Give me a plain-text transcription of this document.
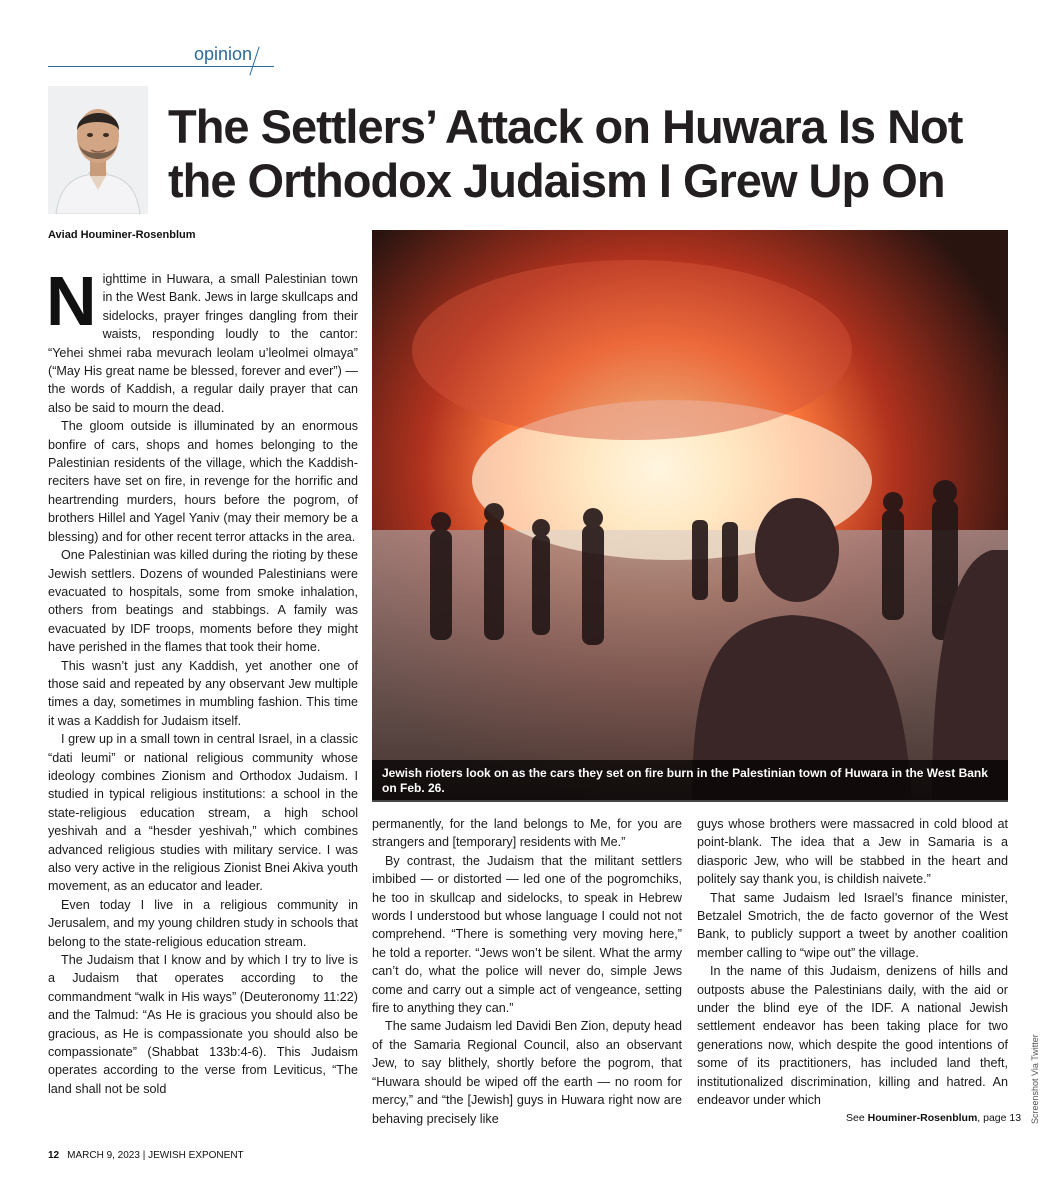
opinion
The Settlers’ Attack on Huwara Is Not the Orthodox Judaism I Grew Up On
Aviad Houminer-Rosenblum

Nighttime in Huwara, a small Palestinian town in the West Bank. Jews in large skullcaps and sidelocks, prayer fringes dangling from their waists, responding loudly to the cantor: “Yehei shmei raba mevurach leolam u’leolmei olmaya” (“May His great name be blessed, forever and ever”) — the words of Kaddish, a regular daily prayer that can also be said to mourn the dead.

The gloom outside is illuminated by an enormous bonfire of cars, shops and homes belonging to the Palestinian residents of the village, which the Kaddish-reciters have set on fire, in revenge for the horrific and heartrending murders, hours before the pogrom, of brothers Hillel and Yagel Yaniv (may their memory be a blessing) and for other recent terror attacks in the area.

One Palestinian was killed during the rioting by these Jewish settlers. Dozens of wounded Palestinians were evacuated to hospitals, some from smoke inhalation, others from beatings and stabbings. A family was evacuated by IDF troops, moments before they might have perished in the flames that took their home.

This wasn’t just any Kaddish, yet another one of those said and repeated by any observant Jew multiple times a day, sometimes in mumbling fashion. This time it was a Kaddish for Judaism itself.

I grew up in a small town in central Israel, in a classic “dati leumi” or national religious community whose ideology combines Zionism and Orthodox Judaism. I studied in typical religious institutions: a school in the state-religious education stream, a high school yeshivah and a “hesder yeshivah,” which combines advanced religious studies with military service. I was also very active in the religious Zionist Bnei Akiva youth movement, as an educator and leader.

Even today I live in a religious community in Jerusalem, and my young children study in schools that belong to the state-religious education stream.

The Judaism that I know and by which I try to live is a Judaism that operates according to the commandment “walk in His ways” (Deuteronomy 11:22) and the Talmud: “As He is gracious you should also be gracious, as He is compassionate you should also be compassionate” (Shabbat 133b:4-6). This Judaism operates according to the verse from Leviticus, “The land shall not be sold

Jewish rioters look on as the cars they set on fire burn in the Palestinian town of Huwara in the West Bank on Feb. 26.

permanently, for the land belongs to Me, for you are strangers and [temporary] residents with Me.”

By contrast, the Judaism that the militant settlers imbibed — or distorted — led one of the pogromchiks, he too in skullcap and sidelocks, to speak in Hebrew words I understood but whose language I could not not comprehend. “There is something very moving here,” he told a reporter. “Jews won’t be silent. What the army can’t do, what the police will never do, simple Jews come and carry out a simple act of vengeance, setting fire to anything they can.”

The same Judaism led Davidi Ben Zion, deputy head of the Samaria Regional Council, also an observant Jew, to say blithely, shortly before the pogrom, that “Huwara should be wiped off the earth — no room for mercy,” and “the [Jewish] guys in Huwara right now are behaving precisely like

guys whose brothers were massacred in cold blood at point-blank. The idea that a Jew in Samaria is a diasporic Jew, who will be stabbed in the heart and politely say thank you, is childish naivete.”

That same Judaism led Israel’s finance minister, Betzalel Smotrich, the de facto governor of the West Bank, to publicly support a tweet by another coalition member calling to “wipe out” the village.

In the name of this Judaism, denizens of hills and outposts abuse the Palestinians daily, with the aid or under the blind eye of the IDF. A national Jewish settlement endeavor has been taking place for two generations now, which despite the good intentions of some of its practitioners, has included land theft, institutionalized discrimination, killing and hatred. An endeavor under which

See Houminer-Rosenblum, page 13 Screenshot Via Twitter
12 MARCH 9, 2023 | JEWISH EXPONENT
